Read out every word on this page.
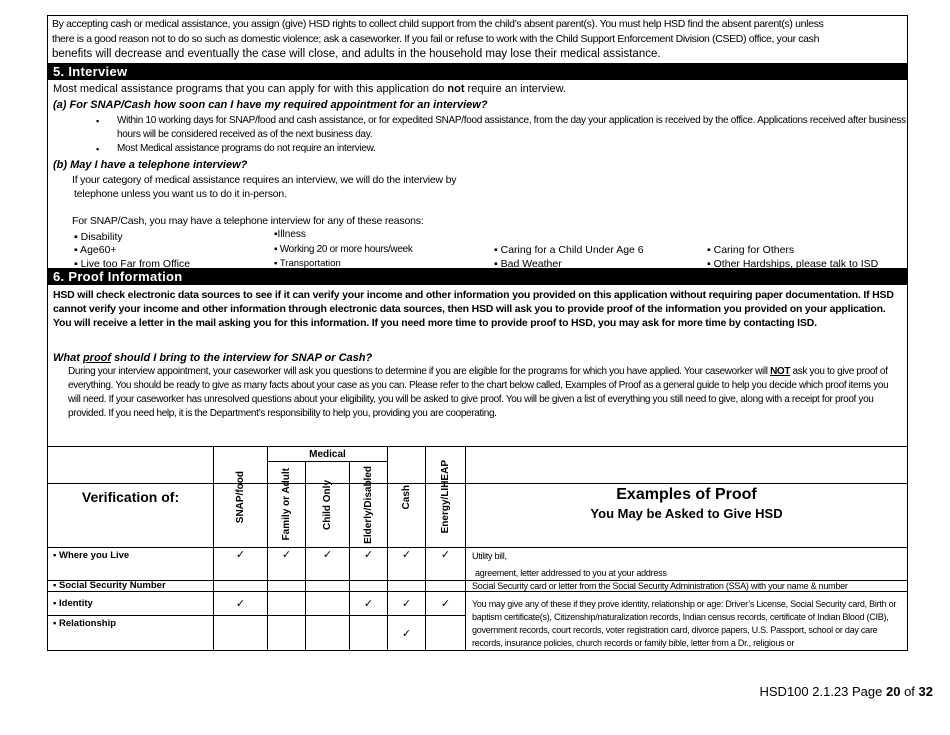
By accepting cash or medical assistance, you assign (give) HSD rights to collect child support from the child’s absent parent(s). You must help HSD find the absent parent(s) unless
there is a good reason not to do so such as domestic violence; ask a caseworker. If you fail or refuse to work with the Child Support Enforcement Division (CSED) office, your cash
benefits will decrease and eventually the case will close, and adults in the household may lose their medical assistance.
5. Interview
Most medical assistance programs that you can apply for with this application do not require an interview.
(a) For SNAP/Cash how soon can I have my required appointment for an interview?
▪ Within 10 working days for SNAP/food and cash assistance, or for expedited SNAP/food assistance, from the day your application is received by the office. Applications received after business hours will be considered received as of the next business day.
▪ Most Medical assistance programs do not require an interview.
(b) May I have a telephone interview?
If your category of medical assistance requires an interview, we will do the interview by
telephone unless you want us to do it in-person.
For SNAP/Cash, you may have a telephone interview for any of these reasons:
▪ Disability	▪Illness
▪ Age60+	▪ Working 20 or more hours/week	▪ Caring for a Child Under Age 6	▪ Caring for Others
▪ Live too Far from Office	▪ Transportation	▪ Bad Weather	▪ Other Hardships, please talk to ISD
6. Proof Information
HSD will check electronic data sources to see if it can verify your income and other information you provided on this application without requiring paper documentation. If HSD cannot verify your income and other information through electronic data sources, then HSD will ask you to provide proof of the information you provided on your application. You will receive a letter in the mail asking you for this information. If you need more time to provide proof to HSD, you may ask for more time by contacting ISD.
What proof should I bring to the interview for SNAP or Cash?
During your interview appointment, your caseworker will ask you questions to determine if you are eligible for the programs for which you have applied. Your caseworker will NOT ask you to give proof of everything. You should be ready to give as many facts about your case as you can. Please refer to the chart below called, Examples of Proof as a general guide to help you decide which proof items you will need. If your caseworker has unresolved questions about your eligibility, you will be asked to give proof. You will be given a list of everything you still need to give, along with a receipt for proof you provided. If you need help, it is the Department’s responsibility to help you, providing you are cooperating.
Verification of:	SNAP/food	Medical			Cash	Energy/LIHEAP	Examples of Proof
You May be Asked to Give HSD

		Family or Adult	Child Only	Elderly/Disabled			

▪ Where you Live	✓	✓	✓	✓	✓	✓	Utility bill,
agreement, letter addressed to you at your address

▪ Social Security Number							Social Security card or letter from the Social Security Administration (SSA) with your name & number
▪ Identity	✓			✓	✓	✓	You may give any of these if they prove identity, relationship or age: Driver’s License, Social Security card, Birth or baptism certificate(s), Citizenship/naturalization records, Indian census records, certificate of Indian Blood (CIB), government records, court records, voter registration card, divorce papers, U.S. Passport, school or day care records, insurance policies, church records or family bible, letter from a Dr., religious or
▪ Relationship					✓		
HSD100 2.1.23 Page 20 of 32
